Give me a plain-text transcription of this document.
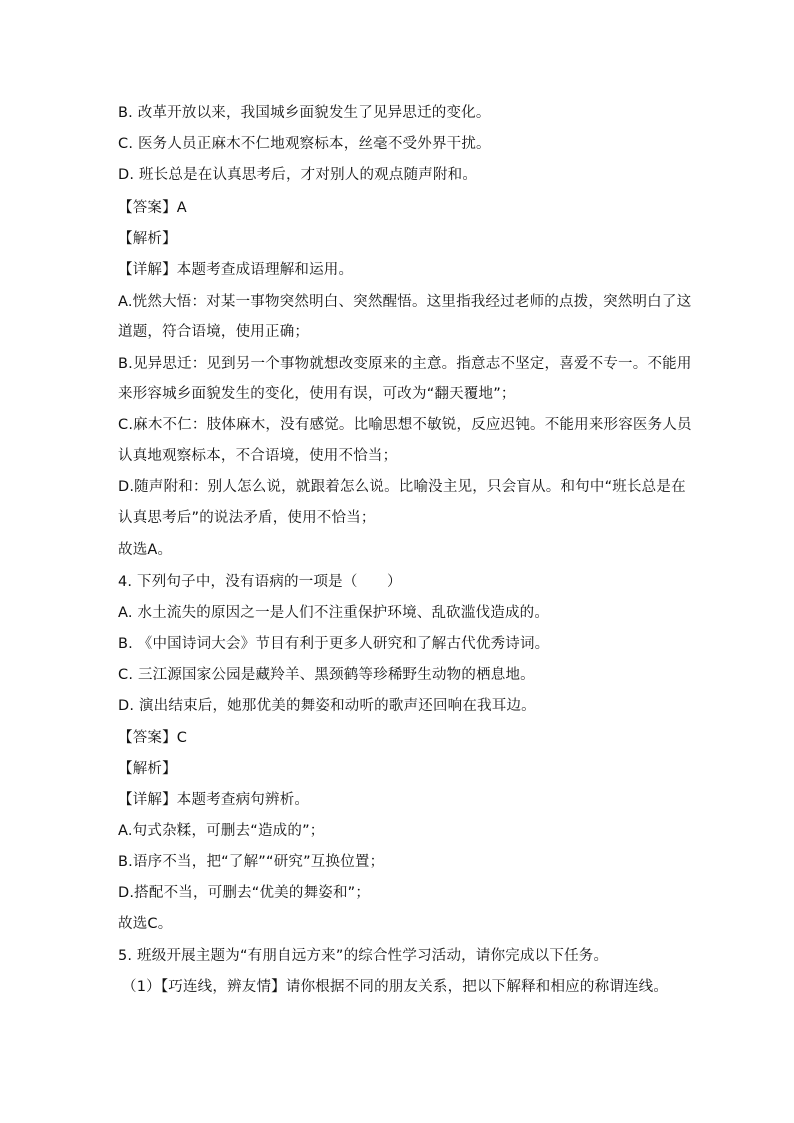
B. 改革开放以来，我国城乡面貌发生了见异思迁的变化。
C. 医务人员正麻木不仁地观察标本，丝毫不受外界干扰。
D. 班长总是在认真思考后，才对别人的观点随声附和。
【答案】A
【解析】
【详解】本题考查成语理解和运用。
A.恍然大悟：对某一事物突然明白、突然醒悟。这里指我经过老师的点拨，突然明白了这
道题，符合语境，使用正确；
B.见异思迁：见到另一个事物就想改变原来的主意。指意志不坚定，喜爱不专一。不能用
来形容城乡面貌发生的变化，使用有误，可改为“翻天覆地”；
C.麻木不仁：肢体麻木，没有感觉。比喻思想不敏锐，反应迟钝。不能用来形容医务人员
认真地观察标本，不合语境，使用不恰当；
D.随声附和：别人怎么说，就跟着怎么说。比喻没主见，只会盲从。和句中“班长总是在
认真思考后”的说法矛盾，使用不恰当；
故选A。
4. 下列句子中，没有语病的一项是（　　）
A. 水土流失的原因之一是人们不注重保护环境、乱砍滥伐造成的。
B. 《中国诗词大会》节目有利于更多人研究和了解古代优秀诗词。
C. 三江源国家公园是藏羚羊、黑颈鹤等珍稀野生动物的栖息地。
D. 演出结束后，她那优美的舞姿和动听的歌声还回响在我耳边。
【答案】C
【解析】
【详解】本题考查病句辨析。
A.句式杂糅，可删去“造成的”；
B.语序不当，把“了解”“研究”互换位置；
D.搭配不当，可删去“优美的舞姿和”；
故选C。
5. 班级开展主题为“有朋自远方来”的综合性学习活动，请你完成以下任务。
（1）【巧连线，辨友情】请你根据不同的朋友关系，把以下解释和相应的称谓连线。
